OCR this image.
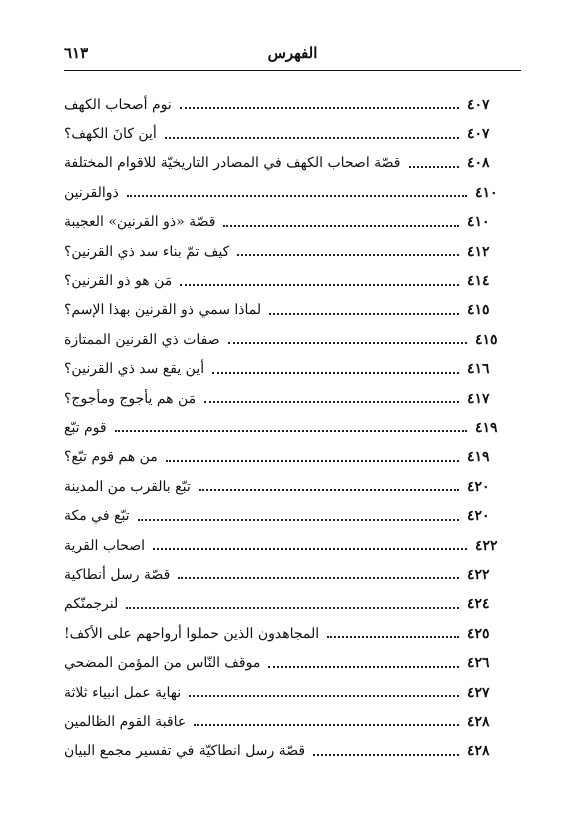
الفهرس
٦١٣
نوم أصحاب الكهف	٤٠٧
أين كانَ الكهف؟	٤٠٧
قصّة اصحاب الكهف في المصادر التاريخيّة للاقوام المختلفة	٤٠٨
ذوالقرنين	٤١٠
قصّة «ذو القرنين» العجيبة	٤١٠
كيف تمّ بناء سد ذي القرنين؟	٤١٢
مَن هو ذو القرنين؟	٤١٤
لماذا سمي ذو القرنين بهذا الإسم؟	٤١٥
صفات ذي القرنين الممتازة	٤١٥
أين يقع سد ذي القرنين؟	٤١٦
مَن هم يأجوج ومأجوج؟	٤١٧
قوم تبّع	٤١٩
من هم قوم تبّع؟	٤١٩
تبّع بالقرب من المدينة	٤٢٠
تبّع في مكة	٤٢٠
اصحاب القرية	٤٢٢
قصّة رسل أنطاكية	٤٢٢
لنرجمنّكم	٤٢٤
المجاهدون الذين حملوا أرواحهم على الأكف!	٤٢٥
موقف النّاس من المؤمن المضحي	٤٢٦
نهاية عمل انبياء ثلاثة	٤٢٧
عاقبة القوم الظالمين	٤٢٨
قصّة رسل انطاكيّة في تفسير مجمع البيان	٤٢٨
